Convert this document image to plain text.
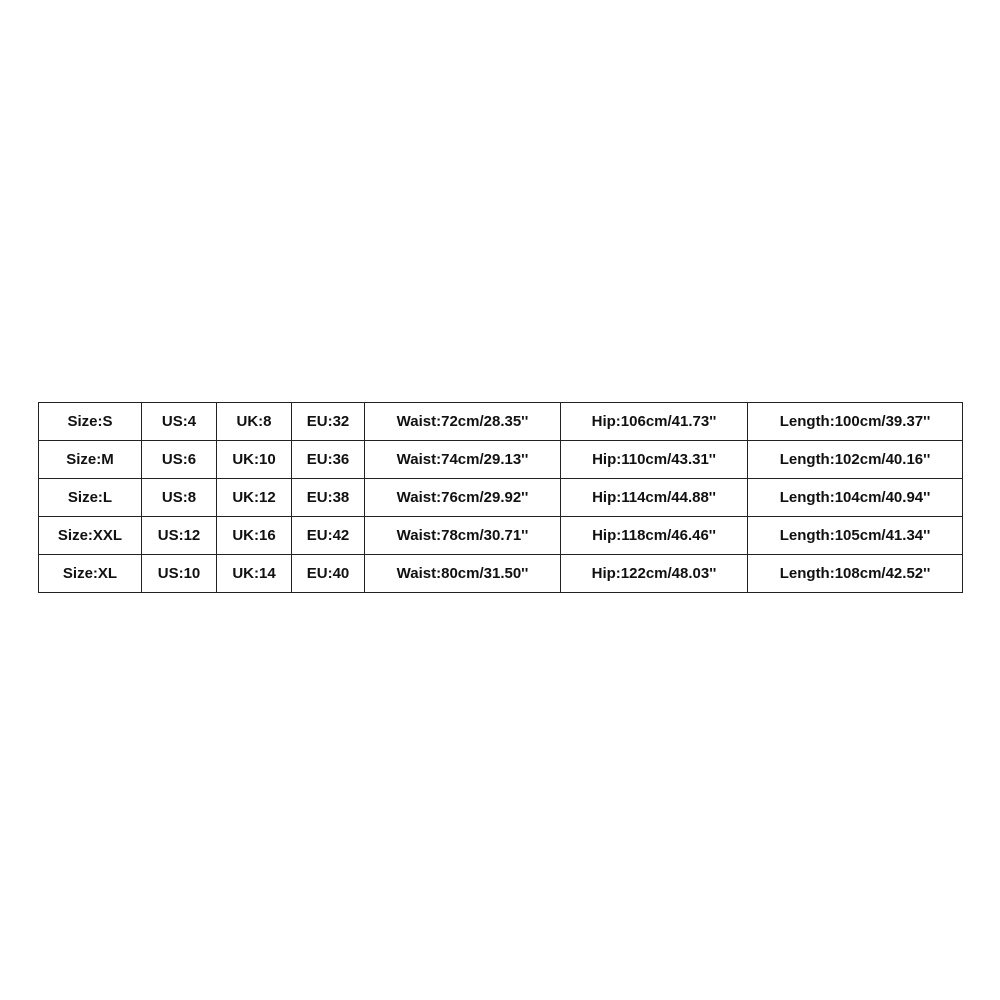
Size:S	US:4	UK:8	EU:32	Waist:72cm/28.35''	Hip:106cm/41.73''	Length:100cm/39.37''
Size:M	US:6	UK:10	EU:36	Waist:74cm/29.13''	Hip:110cm/43.31''	Length:102cm/40.16''
Size:L	US:8	UK:12	EU:38	Waist:76cm/29.92''	Hip:114cm/44.88''	Length:104cm/40.94''
Size:XXL	US:12	UK:16	EU:42	Waist:78cm/30.71''	Hip:118cm/46.46''	Length:105cm/41.34''
Size:XL	US:10	UK:14	EU:40	Waist:80cm/31.50''	Hip:122cm/48.03''	Length:108cm/42.52''
